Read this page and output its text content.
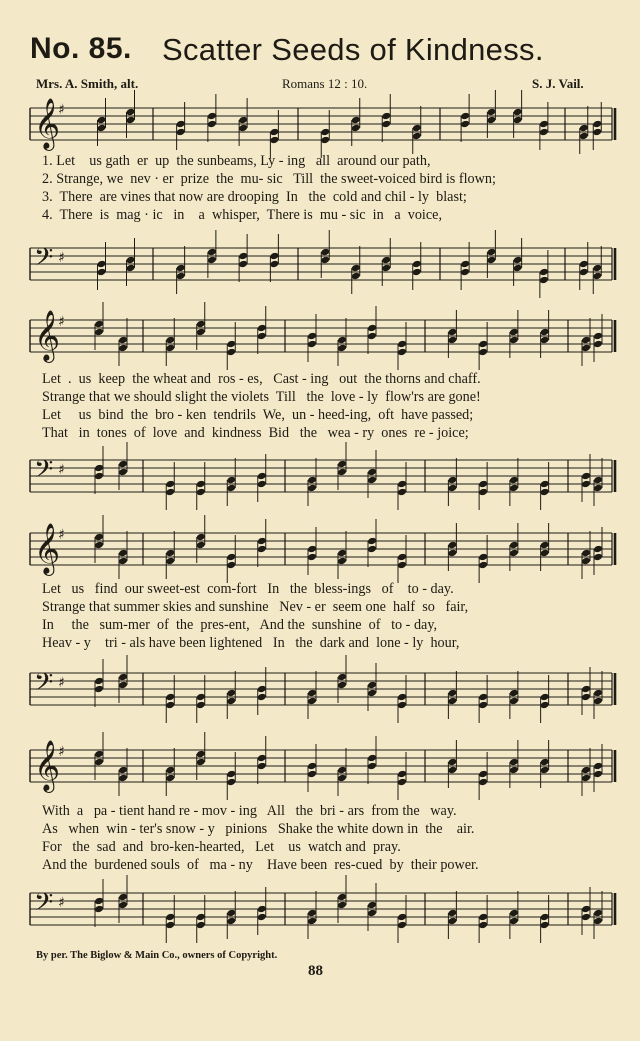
No. 85. Scatter Seeds of Kindness.
Mrs. A. Smith, alt.	Romans 12 : 10.	S. J. Vail.
𝄞
♯
1. Let    us gath  er  up  the sunbeams, Ly - ing   all  around our path,
2. Strange, we  nev · er  prize  the  mu- sic   Till  the sweet-voiced bird is flown;
3.  There  are vines that now are drooping  In   the  cold and chil - ly  blast;
4.  There  is  mag · ic   in    a  whisper,  There is  mu - sic  in   a  voice,
𝄢 ♯
𝄞
♯
Let  .  us  keep  the wheat and  ros - es,   Cast - ing   out  the thorns and chaff.
Strange that we should slight the violets  Till   the  love - ly  flow'rs are gone!
Let     us  bind  the  bro - ken  tendrils  We,  un - heed-ing,  oft  have passed;
That   in  tones  of  love  and  kindness  Bid   the   wea - ry  ones  re - joice;
𝄢 ♯
𝄞
♯
Let   us   find  our sweet-est  com-fort   In   the  bless-ings   of    to - day.
Strange that summer skies and sunshine   Nev - er  seem one  half  so   fair,
In     the   sum-mer  of  the  pres-ent,   And the  sunshine  of   to - day,
Heav - y    tri - als have been lightened   In   the  dark and  lone - ly  hour,
𝄢 ♯
𝄞
♯
With  a   pa - tient hand re - mov - ing   All   the  bri - ars  from the   way.
As   when  win - ter's snow - y   pinions   Shake the white down in  the    air.
For   the  sad  and  bro-ken-hearted,   Let    us  watch and  pray.
And the  burdened souls  of   ma - ny    Have been  res-cued  by  their power.
𝄢 ♯
By per. The Biglow & Main Co., owners of Copyright.
88
